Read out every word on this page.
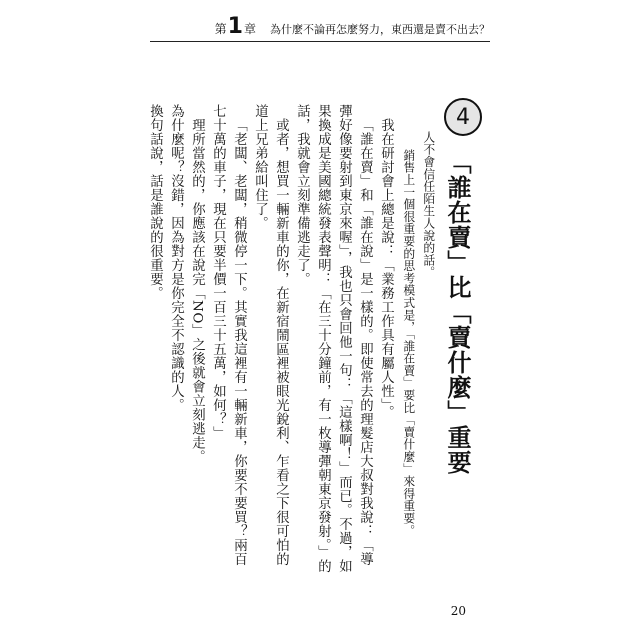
第 1 章 為什麼不論再怎麼努力，東西還是賣不出去？
4
「誰在賣」比「賣什麼」重要
人不會信任陌生人說的話。
銷售上一個很重要的思考模式是，「誰在賣」要比「賣什麼」來得重要。
我在研討會上總是說：「業務工作具有屬人性」。
「誰在賣」和「誰在說」是一樣的。即使常去的理髮店大叔對我說：「導
彈好像要射到東京來喔」，我也只會回他一句：「這樣啊！」而已。不過，如
果換成是美國總統發表聲明：「在三十分鐘前，有一枚導彈朝東京發射。」的
話，我就會立刻準備逃走了。
或者，想買一輛新車的你，在新宿鬧區裡被眼光銳利、乍看之下很可怕的
道上兄弟給叫住了。
「老闆、老闆，稍微停一下。其實我這裡有一輛新車，你要不要買？兩百
七十萬的車子，現在只要半價一百三十五萬，如何？」
理所當然的，你應該在說完「NO」之後就會立刻逃走。
為什麼呢？沒錯，因為對方是你完全不認識的人。
換句話說，話是誰說的很重要。
20
